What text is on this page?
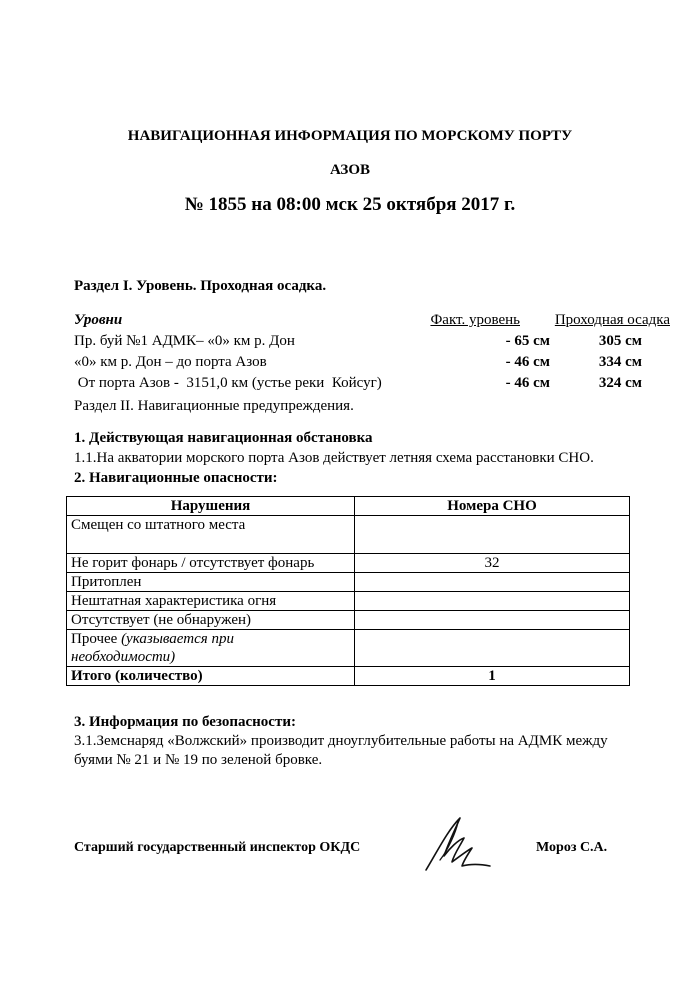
НАВИГАЦИОННАЯ ИНФОРМАЦИЯ ПО МОРСКОМУ ПОРТУ
АЗОВ
№ 1855 на 08:00 мск 25 октября 2017 г.
Раздел I. Уровень. Проходная осадка.
Уровни	Факт. уровень Проходная осадка
Пр. буй №1 АДМК– «0» км р. Дон	- 65 см	305 см
«0» км р. Дон – до порта Азов	- 46 см	334 см
От порта Азов -  3151,0 км (устье реки  Койсуг)	- 46 см	324 см
Раздел II. Навигационные предупреждения.
1. Действующая навигационная обстановка
1.1.На акватории морского порта Азов действует летняя схема расстановки СНО.
2. Навигационные опасности:
Нарушения	Номера СНО
Смещен со штатного места	
Не горит фонарь / отсутствует фонарь	32
Притоплен	
Нештатная характеристика огня	
Отсутствует (не обнаружен)	
Прочее (указывается при
необходимости)	
Итого (количество)	1
3. Информация по безопасности:
3.1.Земснаряд «Волжский» производит дноуглубительные работы на АДМК между
буями № 21 и № 19 по зеленой бровке.
Старший государственный инспектор ОКДС	Мороз С.А.
